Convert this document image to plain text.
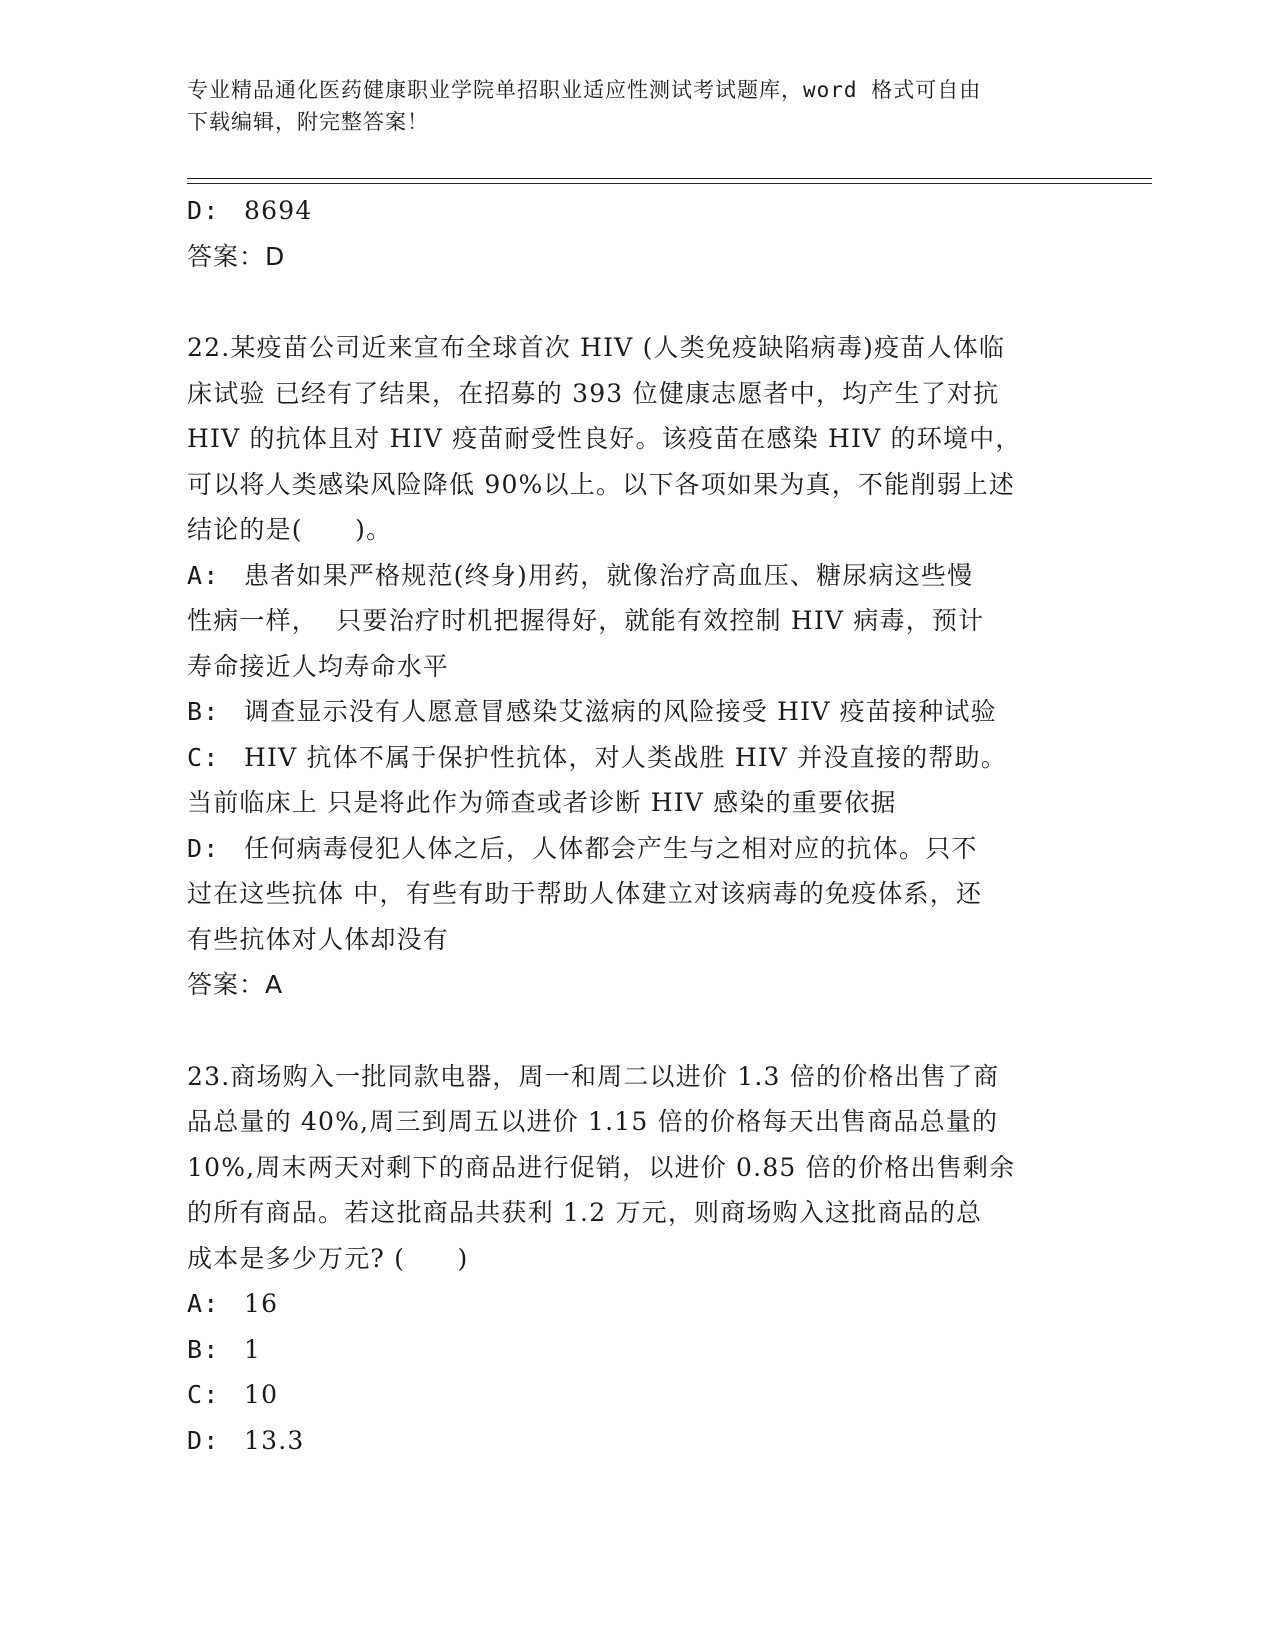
专业精品通化医药健康职业学院单招职业适应性测试考试题库，word 格式可自由
下载编辑，附完整答案！
D: 8694
答案：D
22.某疫苗公司近来宣布全球首次 HIV (人类免疫缺陷病毒)疫苗人体临
床试验 已经有了结果，在招募的 393 位健康志愿者中，均产生了对抗
HIV 的抗体且对 HIV 疫苗耐受性良好。该疫苗在感染 HIV 的环境中，
可以将人类感染风险降低 90%以上。以下各项如果为真，不能削弱上述
结论的是(　　)。
A: 患者如果严格规范(终身)用药，就像治疗高血压、糖尿病这些慢
性病一样，  只要治疗时机把握得好，就能有效控制 HIV 病毒，预计
寿命接近人均寿命水平
B: 调查显示没有人愿意冒感染艾滋病的风险接受 HIV 疫苗接种试验
C: HIV 抗体不属于保护性抗体，对人类战胜 HIV 并没直接的帮助。
当前临床上 只是将此作为筛查或者诊断 HIV 感染的重要依据
D: 任何病毒侵犯人体之后，人体都会产生与之相对应的抗体。只不
过在这些抗体 中，有些有助于帮助人体建立对该病毒的免疫体系，还
有些抗体对人体却没有
答案：A
23.商场购入一批同款电器，周一和周二以进价 1.3 倍的价格出售了商
品总量的 40%,周三到周五以进价 1.15 倍的价格每天出售商品总量的
10%,周末两天对剩下的商品进行促销，以进价 0.85 倍的价格出售剩余
的所有商品。若这批商品共获利 1.2 万元，则商场购入这批商品的总
成本是多少万元? (　　)
A: 16
B: 1
C: 10
D: 13.3
